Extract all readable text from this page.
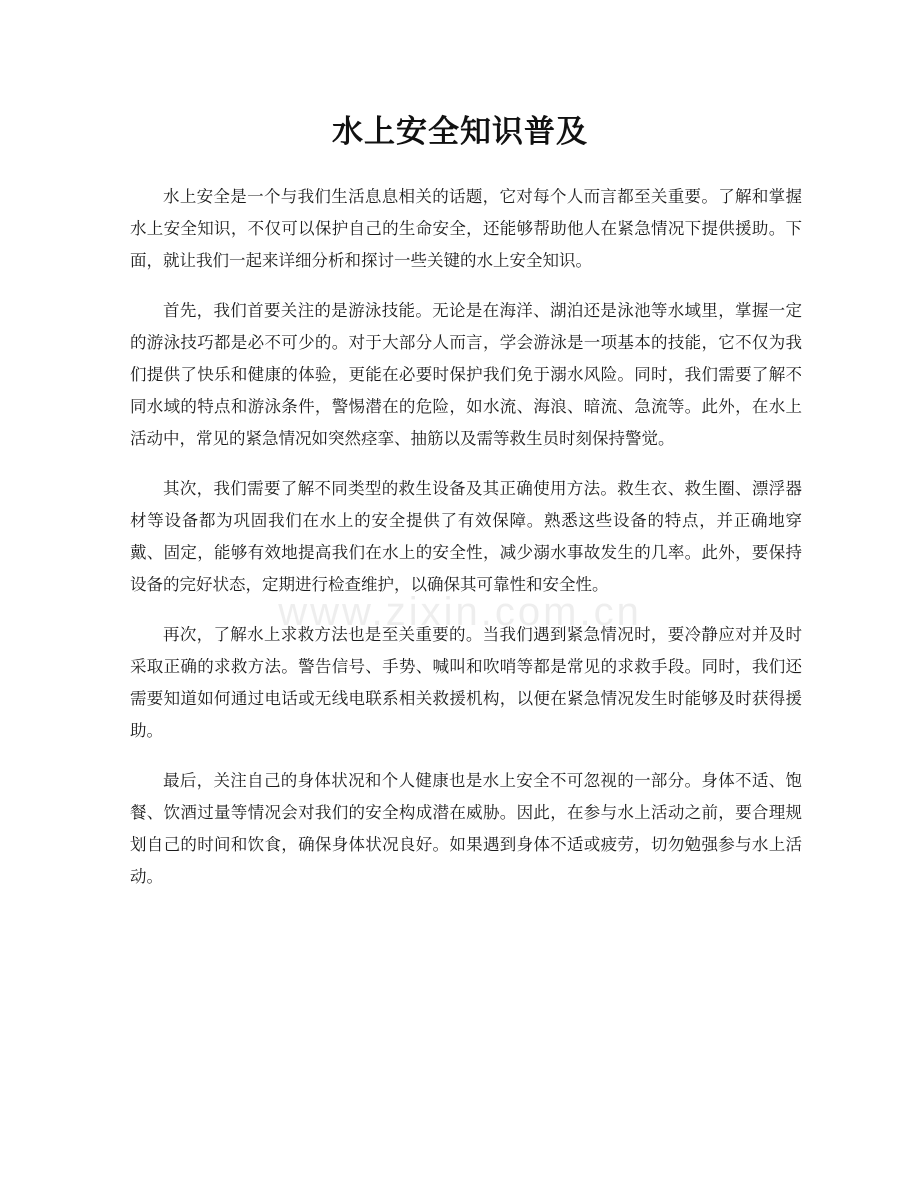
水上安全知识普及

水上安全是一个与我们生活息息相关的话题，它对每个人而言都至关重要。了解和掌握水上安全知识，不仅可以保护自己的生命安全，还能够帮助他人在紧急情况下提供援助。下面，就让我们一起来详细分析和探讨一些关键的水上安全知识。

首先，我们首要关注的是游泳技能。无论是在海洋、湖泊还是泳池等水域里，掌握一定的游泳技巧都是必不可少的。对于大部分人而言，学会游泳是一项基本的技能，它不仅为我们提供了快乐和健康的体验，更能在必要时保护我们免于溺水风险。同时，我们需要了解不同水域的特点和游泳条件，警惕潜在的危险，如水流、海浪、暗流、急流等。此外，在水上活动中，常见的紧急情况如突然痉挛、抽筋以及需等救生员时刻保持警觉。

其次，我们需要了解不同类型的救生设备及其正确使用方法。救生衣、救生圈、漂浮器材等设备都为巩固我们在水上的安全提供了有效保障。熟悉这些设备的特点，并正确地穿戴、固定，能够有效地提高我们在水上的安全性，减少溺水事故发生的几率。此外，要保持设备的完好状态，定期进行检查维护，以确保其可靠性和安全性。

再次，了解水上求救方法也是至关重要的。当我们遇到紧急情况时，要冷静应对并及时采取正确的求救方法。警告信号、手势、喊叫和吹哨等都是常见的求救手段。同时，我们还需要知道如何通过电话或无线电联系相关救援机构，以便在紧急情况发生时能够及时获得援助。

最后，关注自己的身体状况和个人健康也是水上安全不可忽视的一部分。身体不适、饱餐、饮酒过量等情况会对我们的安全构成潜在威胁。因此，在参与水上活动之前，要合理规划自己的时间和饮食，确保身体状况良好。如果遇到身体不适或疲劳，切勿勉强参与水上活动。

www.zixin.com.cn
